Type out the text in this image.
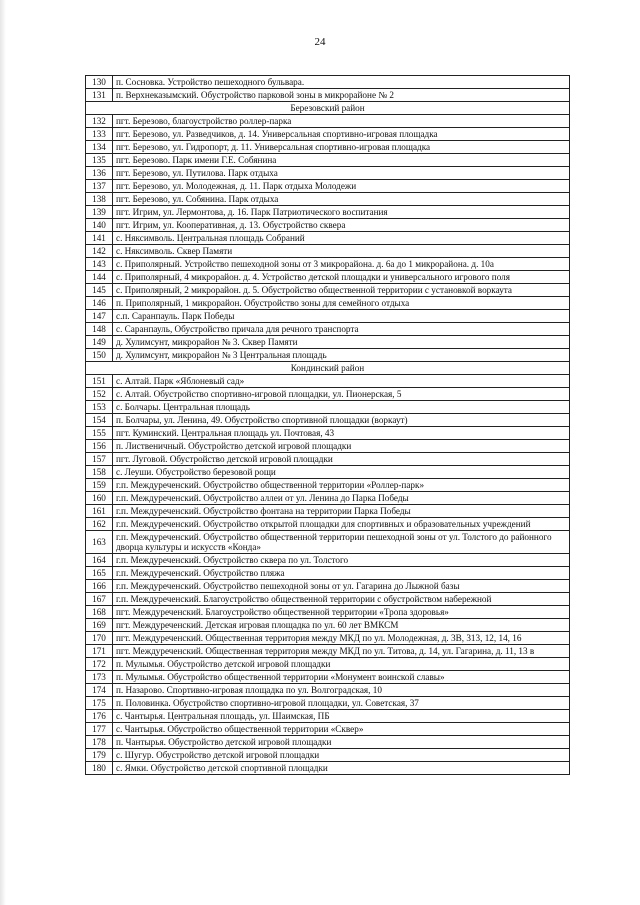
24
130	п. Сосновка. Устройство пешеходного бульвара.
131	п. Верхнеказымский. Обустройство парковой зоны в микрорайоне № 2
Березовский район	
132	пгт. Березово, благоустройство роллер-парка
133	пгт. Березово, ул. Разведчиков, д. 14. Универсальная спортивно-игровая площадка
134	пгт. Березово, ул. Гидропорт, д. 11. Универсальная спортивно-игровая площадка
135	пгт. Березово. Парк имени Г.Е. Собянина
136	пгт. Березово, ул. Путилова. Парк отдыха
137	пгт. Березово, ул. Молодежная, д. 11. Парк отдыха Молодежи
138	пгт. Березово, ул. Собянина. Парк отдыха
139	пгт. Игрим, ул. Лермонтова, д. 16. Парк Патриотического воспитания
140	пгт. Игрим, ул. Кооперативная, д. 13. Обустройство сквера
141	с. Няксимволь. Центральная площадь Собраний
142	с. Няксимволь. Сквер Памяти
143	с. Приполярный. Устройство пешеходной зоны от 3 микрорайона. д. 6а до 1 микрорайона. д. 10а
144	с. Приполярный, 4 микрорайон. д. 4. Устройство детской площадки и универсального игрового поля
145	с. Приполярный, 2 микрорайон. д. 5. Обустройство общественной территории с установкой воркаута
146	п. Приполярный, 1 микрорайон. Обустройство зоны для семейного отдыха
147	с.п. Саранпауль. Парк Победы
148	с. Саранпауль, Обустройство причала для речного транспорта
149	д. Хулимсунт, микрорайон № 3. Сквер Памяти
150	д. Хулимсунт, микрорайон № 3 Центральная площадь
Кондинский район	
151	с. Алтай. Парк «Яблоневый сад»
152	с. Алтай. Обустройство спортивно-игровой площадки, ул. Пионерская, 5
153	с. Болчары. Центральная площадь
154	п. Болчары, ул. Ленина, 49. Обустройство спортивной площадки (воркаут)
155	пгт. Куминский. Центральная площадь ул. Почтовая, 43
156	п. Лиственичный. Обустройство детской игровой площадки
157	пгт. Луговой. Обустройство детской игровой площадки
158	с. Леуши. Обустройство березовой рощи
159	г.п. Междуреченский. Обустройство общественной территории «Роллер-парк»
160	г.п. Междуреченский. Обустройство аллеи от ул. Ленина до Парка Победы
161	г.п. Междуреченский. Обустройство фонтана на территории Парка Победы
162	г.п. Междуреченский. Обустройство открытой площадки для спортивных и образовательных учреждений
163	г.п. Междуреченский. Обустройство общественной территории пешеходной зоны от ул. Толстого до районного дворца культуры и искусств «Конда»
164	г.п. Междуреченский. Обустройство сквера по ул. Толстого
165	г.п. Междуреченский. Обустройство пляжа
166	г.п. Междуреченский. Обустройство пешеходной зоны от ул. Гагарина до Лыжной базы
167	г.п. Междуреченский. Благоустройство общественной территории с обустройством набережной
168	пгт. Междуреченский. Благоустройство общественной территории «Тропа здоровья»
169	пгт. Междуреченский. Детская игровая площадка по ул. 60 лет ВМКСМ
170	пгт. Междуреченский. Общественная территория между МКД по ул. Молодежная, д. 3В, 313, 12, 14, 16
171	пгт. Междуреченский. Общественная территория между МКД по ул. Титова, д. 14, ул. Гагарина, д. 11, 13 в
172	п. Мулымья. Обустройство детской игровой площадки
173	п. Мулымья. Обустройство общественной территории «Монумент воинской славы»
174	п. Назарово. Спортивно-игровая площадка по ул. Волгоградская, 10
175	п. Половинка. Обустройство спортивно-игровой площадки, ул. Советская, 37
176	с. Чантырья. Центральная площадь, ул. Шаимская, ПБ
177	с. Чантырья. Обустройство общественной территории «Сквер»
178	п. Чантырья. Обустройство детской игровой площадки
179	с. Шугур. Обустройство детской игровой площадки
180	с. Ямки. Обустройство детской спортивной площадки
